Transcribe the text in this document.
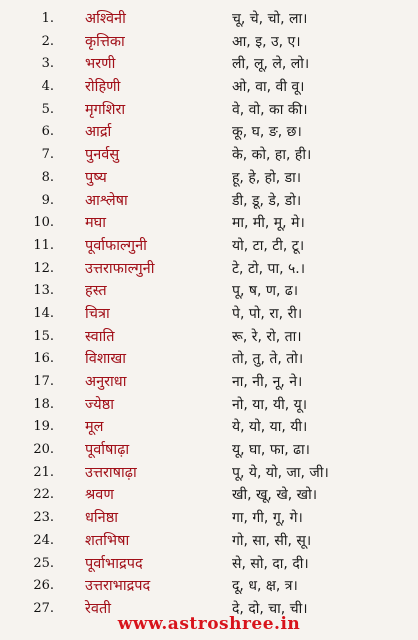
1. अश्विनी	चू, चे, चो, ला।
2. कृत्तिका	आ, इ, उ, ए।
3. भरणी	ली, लू, ले, लो।
4. रोहिणी	ओ, वा, वी वू।
5. मृगशिरा	वे, वो, का की।
6. आर्द्रा	कू, घ, ङ, छ।
7. पुनर्वसु	के, को, हा, ही।
8. पुष्य	हू, हे, हो, डा।
9. आश्लेषा	डी, डू, डे, डो।
10. मघा	मा, मी, मू, मे।
11. पूर्वाफाल्गुनी	यो, टा, टी, टू।
12. उत्तराफाल्गुनी	टे, टो, पा, ५.।
13. हस्त	पू, ष, ण, ढ।
14. चित्रा	पे, पो, रा, री।
15. स्वाति	रू, रे, रो, ता।
16. विशाखा	तो, तु, ते, तो।
17. अनुराधा	ना, नी, नू, ने।
18. ज्येष्ठा	नो, या, यी, यू।
19. मूल	ये, यो, या, यी।
20. पूर्वाषाढ़ा	यू, घा, फा, ढा।
21. उत्तराषाढ़ा	पू, ये, यो, जा, जी।
22. श्रवण	खी, खू, खे, खो।
23. धनिष्ठा	गा, गी, गू, गे।
24. शतभिषा	गो, सा, सी, सू।
25. पूर्वाभाद्रपद	से, सो, दा, दी।
26. उत्तराभाद्रपद	दू, ध, क्ष, त्र।
27. रेवती	दे, दो, चा, ची।
www.astroshree.in
